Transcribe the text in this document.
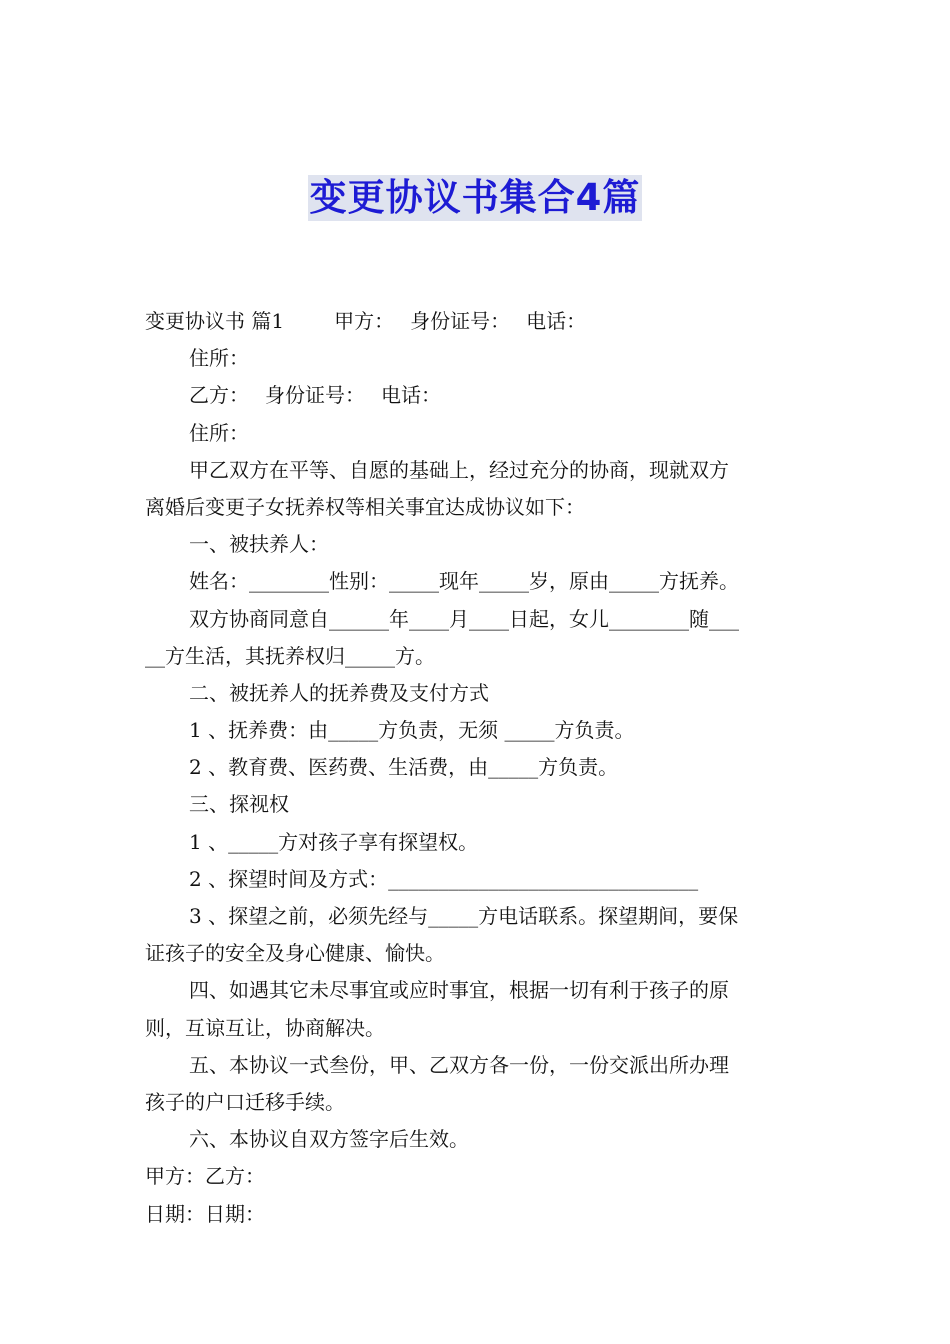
变更协议书集合4篇
变更协议书 篇1	甲方： 身份证号： 电话：
住所：
乙方： 身份证号： 电话：
住所：
甲乙双方在平等、自愿的基础上，经过充分的协商，现就双方
离婚后变更子女抚养权等相关事宜达成协议如下：
一、被扶养人：
姓名：________性别：_____现年_____岁，原由_____方抚养。
双方协商同意自______年____月____日起，女儿________随___
__方生活，其抚养权归_____方。
二、被抚养人的抚养费及支付方式
1 、抚养费：由_____方负责，无须 _____方负责。
2 、教育费、医药费、生活费，由_____方负责。
三、探视权
1 、_____方对孩子享有探望权。
2 、探望时间及方式：_______________________________
3 、探望之前，必须先经与_____方电话联系。探望期间，要保
证孩子的安全及身心健康、愉快。
四、如遇其它未尽事宜或应时事宜，根据一切有利于孩子的原
则，互谅互让，协商解决。
五、本协议一式叁份，甲、乙双方各一份，一份交派出所办理
孩子的户口迁移手续。
六、本协议自双方签字后生效。
甲方：乙方：
日期：日期：
